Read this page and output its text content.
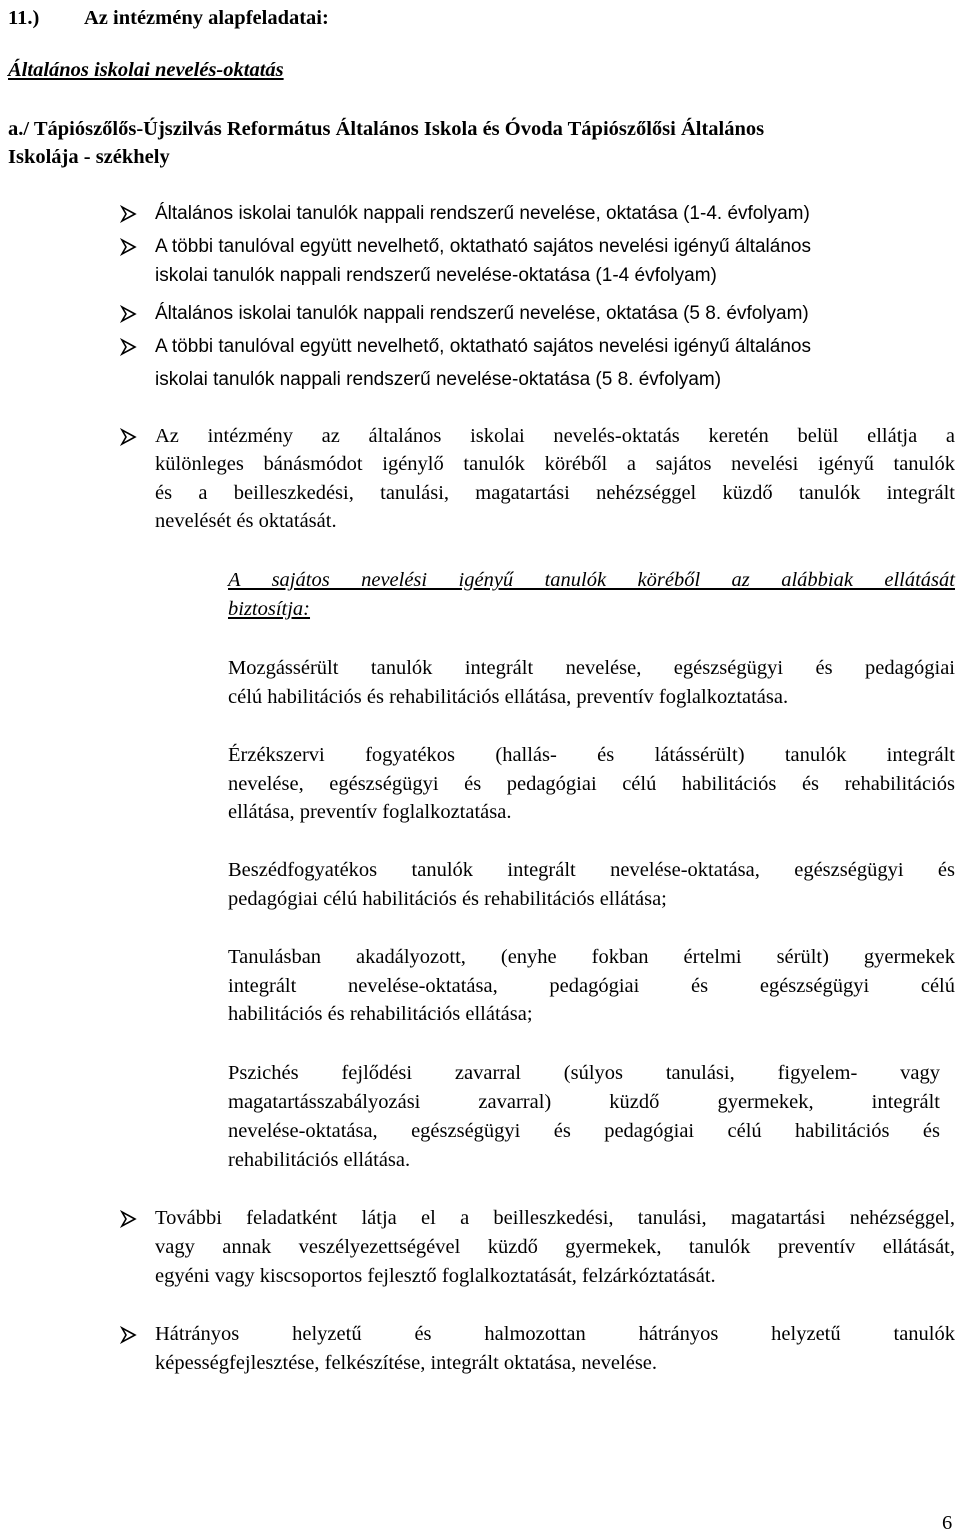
11.) Az intézmény alapfeladatai:
Általános iskolai nevelés-oktatás
a./ Tápiószőlős-Újszilvás Református Általános Iskola és Óvoda Tápiószőlősi Általános
Iskolája - székhely
Általános iskolai tanulók nappali rendszerű nevelése, oktatása (1-4. évfolyam)
A többi tanulóval együtt nevelhető, oktatható sajátos nevelési igényű általános
iskolai tanulók nappali rendszerű nevelése-oktatása (1-4 évfolyam)
Általános iskolai tanulók nappali rendszerű nevelése, oktatása (5 8. évfolyam)
A többi tanulóval együtt nevelhető, oktatható sajátos nevelési igényű általános
iskolai tanulók nappali rendszerű nevelése-oktatása (5 8. évfolyam)
Az intézmény az általános iskolai nevelés-oktatás keretén belül ellátja a
különleges bánásmódot igénylő tanulók köréből a sajátos nevelési igényű tanulók
és a beilleszkedési, tanulási, magatartási nehézséggel küzdő tanulók integrált
nevelését és oktatását.
A sajátos nevelési igényű tanulók köréből az alábbiak ellátását
biztosítja:
Mozgássérült tanulók integrált nevelése, egészségügyi és pedagógiai
célú habilitációs és rehabilitációs ellátása, preventív foglalkoztatása.
Érzékszervi fogyatékos (hallás- és látássérült) tanulók integrált
nevelése, egészségügyi és pedagógiai célú habilitációs és rehabilitációs
ellátása, preventív foglalkoztatása.
Beszédfogyatékos tanulók integrált nevelése-oktatása, egészségügyi és
pedagógiai célú habilitációs és rehabilitációs ellátása;
Tanulásban akadályozott, (enyhe fokban értelmi sérült) gyermekek
integrált nevelése-oktatása, pedagógiai és egészségügyi célú
habilitációs és rehabilitációs ellátása;
Pszichés fejlődési zavarral (súlyos tanulási, figyelem- vagy
magatartásszabályozási zavarral) küzdő gyermekek, integrált
nevelése-oktatása, egészségügyi és pedagógiai célú habilitációs és
rehabilitációs ellátása.
További feladatként látja el a beilleszkedési, tanulási, magatartási nehézséggel,
vagy annak veszélyezettségével küzdő gyermekek, tanulók preventív ellátását,
egyéni vagy kiscsoportos fejlesztő foglalkoztatását, felzárkóztatását.
Hátrányos helyzetű és halmozottan hátrányos helyzetű tanulók
képességfejlesztése, felkészítése, integrált oktatása, nevelése.
6
